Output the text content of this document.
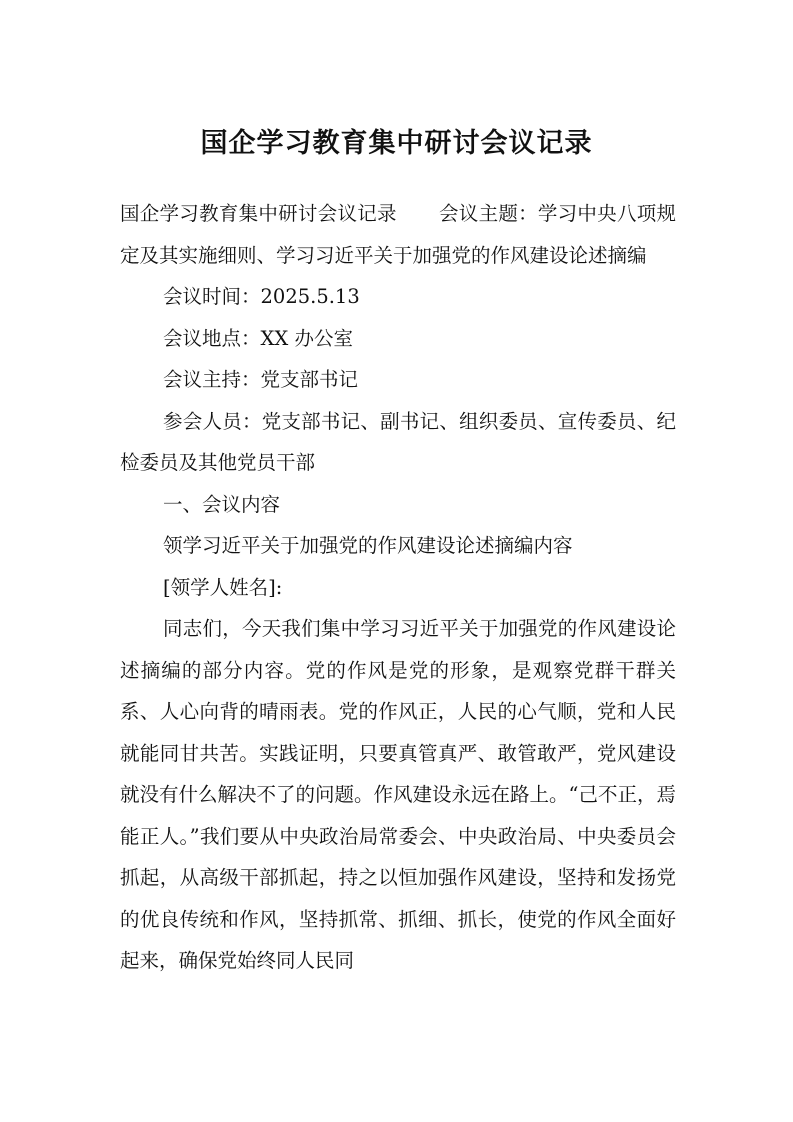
国企学习教育集中研讨会议记录

国企学习教育集中研讨会议记录 会议主题：学习中央八项规定及其实施细则、学习习近平关于加强党的作风建设论述摘编

会议时间：2025.5.13

会议地点：XX 办公室

会议主持：党支部书记

参会人员：党支部书记、副书记、组织委员、宣传委员、纪检委员及其他党员干部

一、会议内容

领学习近平关于加强党的作风建设论述摘编内容

[领学人姓名]:

同志们，今天我们集中学习习近平关于加强党的作风建设论述摘编的部分内容。党的作风是党的形象，是观察党群干群关系、人心向背的晴雨表。党的作风正，人民的心气顺，党和人民就能同甘共苦。实践证明，只要真管真严、敢管敢严，党风建设就没有什么解决不了的问题。作风建设永远在路上。“己不正，焉能正人。”我们要从中央政治局常委会、中央政治局、中央委员会抓起，从高级干部抓起，持之以恒加强作风建设，坚持和发扬党的优良传统和作风，坚持抓常、抓细、抓长，使党的作风全面好起来，确保党始终同人民同
